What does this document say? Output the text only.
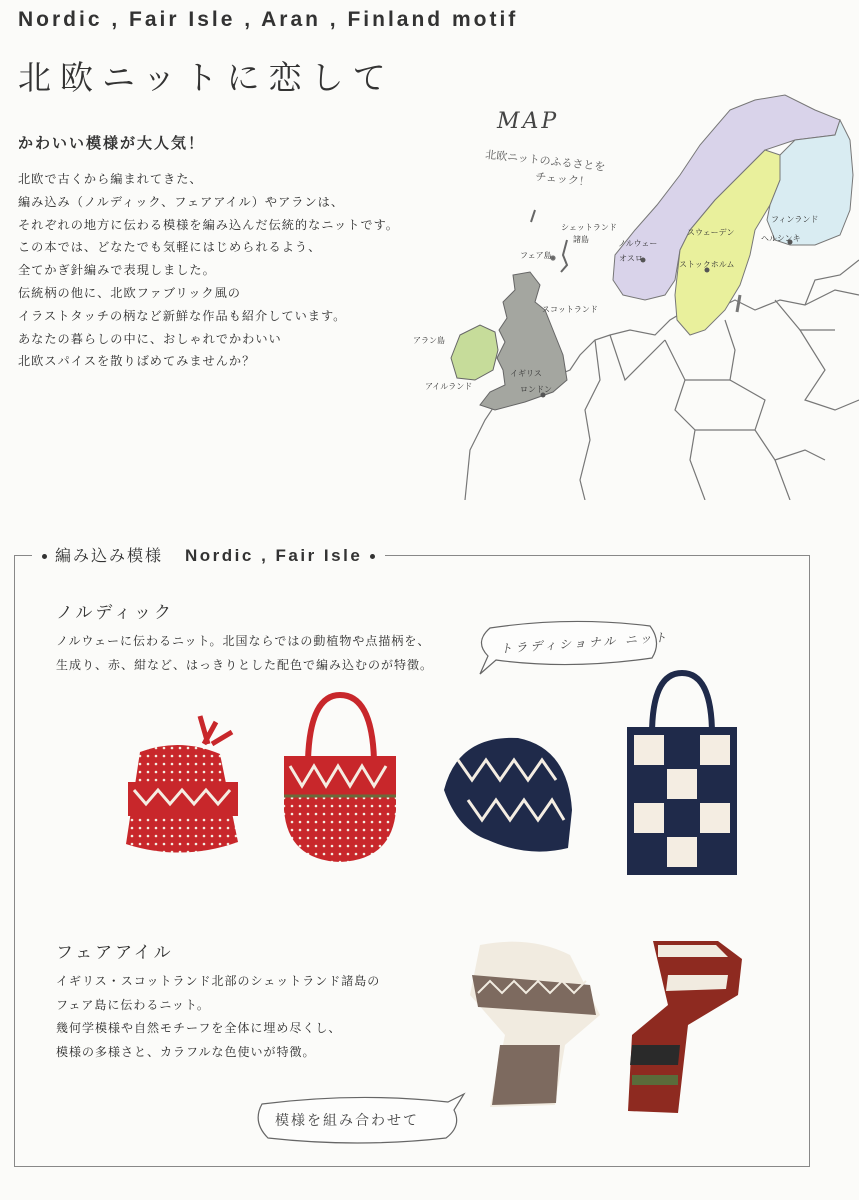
Nordic , Fair Isle , Aran , Finland motif
北欧ニットに恋して
かわいい模様が大人気！
北欧で古くから編まれてきた、
編み込み（ノルディック、フェアアイル）やアランは、
それぞれの地方に伝わる模様を編み込んだ伝統的なニットです。
この本では、どなたでも気軽にはじめられるよう、
全てかぎ針編みで表現しました。
伝統柄の他に、北欧ファブリック風の
イラストタッチの柄など新鮮な作品も紹介しています。
あなたの暮らしの中に、おしゃれでかわいい
北欧スパイスを散りばめてみませんか？
MAP
北欧ニットのふるさとを
チェック！
シェットランド
諸島
フェア島
スコットランド
アラン島
アイルランド
イギリス
ロンドン
ノルウェー
オスロ
スウェーデン
ストックホルム
フィンランド
ヘルシンキ
編み込み模様 Nordic , Fair Isle
ノルディック
ノルウェーに伝わるニット。北国ならではの動植物や点描柄を、
生成り、赤、紺など、はっきりとした配色で編み込むのが特徴。
トラディショナル ニット
フェアアイル
イギリス・スコットランド北部のシェットランド諸島の
フェア島に伝わるニット。
幾何学模様や自然モチーフを全体に埋め尽くし、
模様の多様さと、カラフルな色使いが特徴。
模様を組み合わせて
